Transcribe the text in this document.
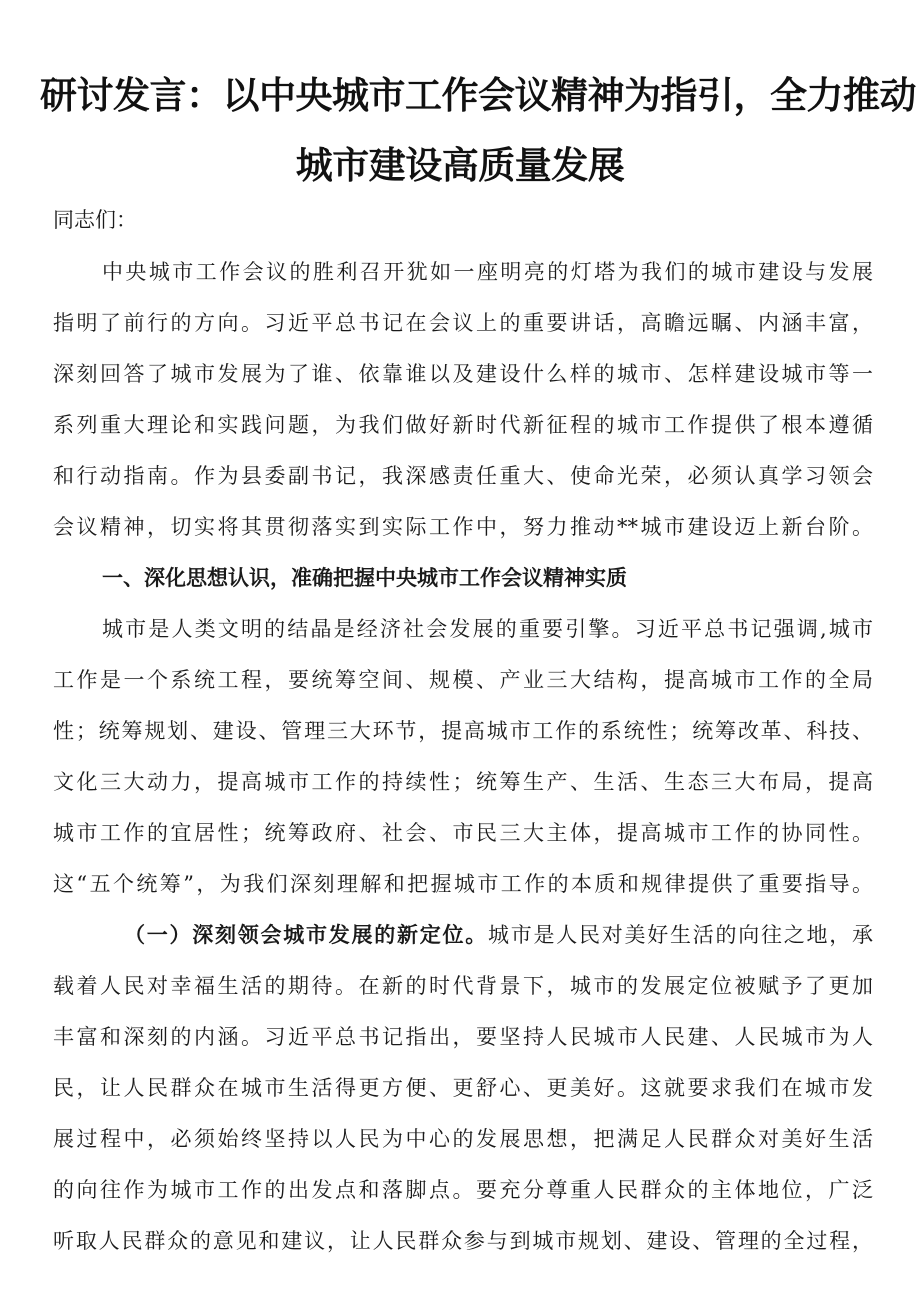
研讨发言：以中央城市工作会议精神为指引，全力推动
城市建设高质量发展
同志们：
中央城市工作会议的胜利召开犹如一座明亮的灯塔为我们的城市建设与发展
指明了前行的方向。习近平总书记在会议上的重要讲话，高瞻远瞩、内涵丰富，
深刻回答了城市发展为了谁、依靠谁以及建设什么样的城市、怎样建设城市等一
系列重大理论和实践问题，为我们做好新时代新征程的城市工作提供了根本遵循
和行动指南。作为县委副书记，我深感责任重大、使命光荣，必须认真学习领会
会议精神，切实将其贯彻落实到实际工作中，努力推动**城市建设迈上新台阶。
一、深化思想认识，准确把握中央城市工作会议精神实质
城市是人类文明的结晶是经济社会发展的重要引擎。习近平总书记强调,城市
工作是一个系统工程，要统筹空间、规模、产业三大结构，提高城市工作的全局
性；统筹规划、建设、管理三大环节，提高城市工作的系统性；统筹改革、科技、
文化三大动力，提高城市工作的持续性；统筹生产、生活、生态三大布局，提高
城市工作的宜居性；统筹政府、社会、市民三大主体，提高城市工作的协同性。
这“五个统筹”，为我们深刻理解和把握城市工作的本质和规律提供了重要指导。
（一）深刻领会城市发展的新定位。城市是人民对美好生活的向往之地，承
载着人民对幸福生活的期待。在新的时代背景下，城市的发展定位被赋予了更加
丰富和深刻的内涵。习近平总书记指出，要坚持人民城市人民建、人民城市为人
民，让人民群众在城市生活得更方便、更舒心、更美好。这就要求我们在城市发
展过程中，必须始终坚持以人民为中心的发展思想，把满足人民群众对美好生活
的向往作为城市工作的出发点和落脚点。要充分尊重人民群众的主体地位，广泛
听取人民群众的意见和建议，让人民群众参与到城市规划、建设、管理的全过程，
